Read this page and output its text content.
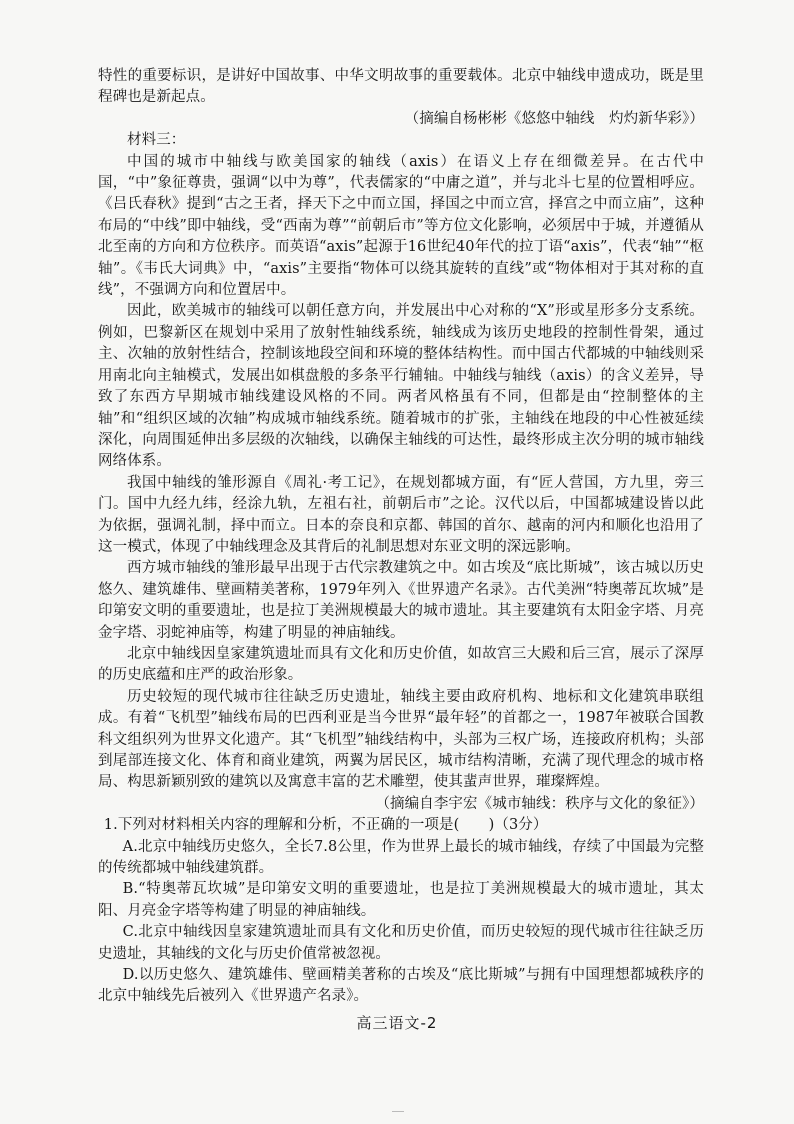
特性的重要标识，是讲好中国故事、中华文明故事的重要载体。北京中轴线申遗成功，既是里程碑也是新起点。

（摘编自杨彬彬《悠悠中轴线　灼灼新华彩》）

材料三：

中国的城市中轴线与欧美国家的轴线（axis）在语义上存在细微差异。在古代中国，“中”象征尊贵，强调“以中为尊”，代表儒家的“中庸之道”，并与北斗七星的位置相呼应。《吕氏春秋》提到“古之王者，择天下之中而立国，择国之中而立宫，择宫之中而立庙”，这种布局的“中线”即中轴线，受“西南为尊”“前朝后市”等方位文化影响，必须居中于城，并遵循从北至南的方向和方位秩序。而英语“axis”起源于16世纪40年代的拉丁语“axis”，代表“轴”“枢轴”。《韦氏大词典》中，“axis”主要指“物体可以绕其旋转的直线”或“物体相对于其对称的直线”，不强调方向和位置居中。

因此，欧美城市的轴线可以朝任意方向，并发展出中心对称的“X”形或星形多分支系统。例如，巴黎新区在规划中采用了放射性轴线系统，轴线成为该历史地段的控制性骨架，通过主、次轴的放射性结合，控制该地段空间和环境的整体结构性。而中国古代都城的中轴线则采用南北向主轴模式，发展出如棋盘般的多条平行辅轴。中轴线与轴线（axis）的含义差异，导致了东西方早期城市轴线建设风格的不同。两者风格虽有不同，但都是由“控制整体的主轴”和“组织区域的次轴”构成城市轴线系统。随着城市的扩张，主轴线在地段的中心性被延续深化，向周围延伸出多层级的次轴线，以确保主轴线的可达性，最终形成主次分明的城市轴线网络体系。

我国中轴线的雏形源自《周礼·考工记》，在规划都城方面，有“匠人营国，方九里，旁三门。国中九经九纬，经涂九轨，左祖右社，前朝后市”之论。汉代以后，中国都城建设皆以此为依据，强调礼制，择中而立。日本的奈良和京都、韩国的首尔、越南的河内和顺化也沿用了这一模式，体现了中轴线理念及其背后的礼制思想对东亚文明的深远影响。

西方城市轴线的雏形最早出现于古代宗教建筑之中。如古埃及“底比斯城”，该古城以历史悠久、建筑雄伟、壁画精美著称，1979年列入《世界遗产名录》。古代美洲“特奥蒂瓦坎城”是印第安文明的重要遗址，也是拉丁美洲规模最大的城市遗址。其主要建筑有太阳金字塔、月亮金字塔、羽蛇神庙等，构建了明显的神庙轴线。

北京中轴线因皇家建筑遗址而具有文化和历史价值，如故宫三大殿和后三宫，展示了深厚的历史底蕴和庄严的政治形象。

历史较短的现代城市往往缺乏历史遗址，轴线主要由政府机构、地标和文化建筑串联组成。有着“飞机型”轴线布局的巴西利亚是当今世界“最年轻”的首都之一，1987年被联合国教科文组织列为世界文化遗产。其“飞机型”轴线结构中，头部为三权广场，连接政府机构；头部到尾部连接文化、体育和商业建筑，两翼为居民区，城市结构清晰，充满了现代理念的城市格局、构思新颖别致的建筑以及寓意丰富的艺术雕塑，使其蜚声世界，璀璨辉煌。

（摘编自李宇宏《城市轴线：秩序与文化的象征》）

1.下列对材料相关内容的理解和分析，不正确的一项是(　　)（3分）

A.北京中轴线历史悠久，全长7.8公里，作为世界上最长的城市轴线，存续了中国最为完整的传统都城中轴线建筑群。

B.“特奥蒂瓦坎城”是印第安文明的重要遗址，也是拉丁美洲规模最大的城市遗址，其太阳、月亮金字塔等构建了明显的神庙轴线。

C.北京中轴线因皇家建筑遗址而具有文化和历史价值，而历史较短的现代城市往往缺乏历史遗址，其轴线的文化与历史价值常被忽视。

D.以历史悠久、建筑雄伟、壁画精美著称的古埃及“底比斯城”与拥有中国理想都城秩序的北京中轴线先后被列入《世界遗产名录》。

高三语文-2
